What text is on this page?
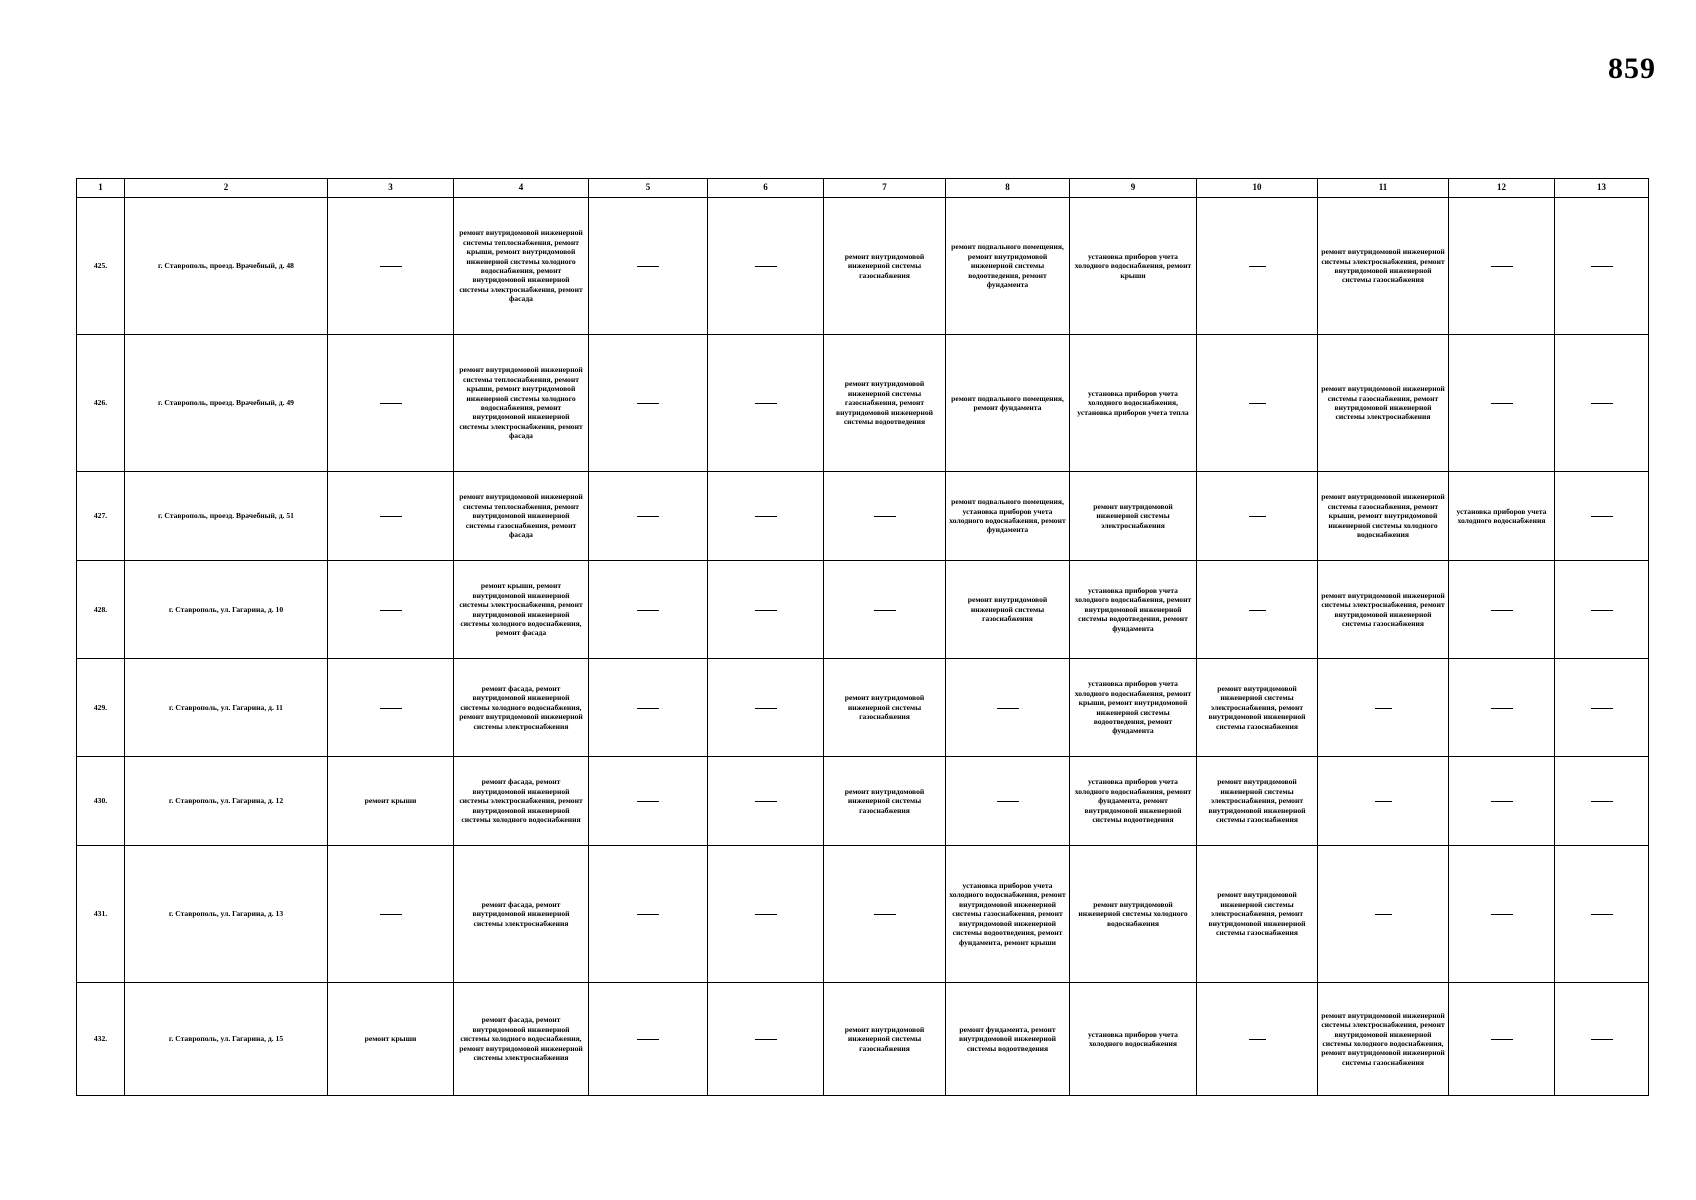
859
1	2	3	4	5	6	7	8	9	10	11	12	13
425.	г. Ставрополь, проезд. Врачебный, д. 48		ремонт внутридомовой инженерной системы теплоснабжения, ремонт крыши, ремонт внутридомовой инженерной системы холодного водоснабжения, ремонт внутридомовой инженерной системы электроснабжения, ремонт фасада			ремонт внутридомовой инженерной системы газоснабжения	ремонт подвального помещения, ремонт внутридомовой инженерной системы водоотведения, ремонт фундамента	установка приборов учета холодного водоснабжения, ремонт крыши		ремонт внутридомовой инженерной системы электроснабжения, ремонт внутридомовой инженерной системы газоснабжения		
426.	г. Ставрополь, проезд. Врачебный, д. 49		ремонт внутридомовой инженерной системы теплоснабжения, ремонт крыши, ремонт внутридомовой инженерной системы холодного водоснабжения, ремонт внутридомовой инженерной системы электроснабжения, ремонт фасада			ремонт внутридомовой инженерной системы газоснабжения, ремонт внутридомовой инженерной системы водоотведения	ремонт подвального помещения, ремонт фундамента	установка приборов учета холодного водоснабжения, установка приборов учета тепла		ремонт внутридомовой инженерной системы газоснабжения, ремонт внутридомовой инженерной системы электроснабжения		
427.	г. Ставрополь, проезд. Врачебный, д. 51		ремонт внутридомовой инженерной системы теплоснабжения, ремонт внутридомовой инженерной системы газоснабжения, ремонт фасада				ремонт подвального помещения, установка приборов учета холодного водоснабжения, ремонт фундамента	ремонт внутридомовой инженерной системы электроснабжения		ремонт внутридомовой инженерной системы газоснабжения, ремонт крыши, ремонт внутридомовой инженерной системы холодного водоснабжения	установка приборов учета холодного водоснабжения	
428.	г. Ставрополь, ул. Гагарина, д. 10		ремонт крыши, ремонт внутридомовой инженерной системы электроснабжения, ремонт внутридомовой инженерной системы холодного водоснабжения, ремонт фасада				ремонт внутридомовой инженерной системы газоснабжения	установка приборов учета холодного водоснабжения, ремонт внутридомовой инженерной системы водоотведения, ремонт фундамента		ремонт внутридомовой инженерной системы электроснабжения, ремонт внутридомовой инженерной системы газоснабжения		
429.	г. Ставрополь, ул. Гагарина, д. 11		ремонт фасада, ремонт внутридомовой инженерной системы холодного водоснабжения, ремонт внутридомовой инженерной системы электроснабжения			ремонт внутридомовой инженерной системы газоснабжения		установка приборов учета холодного водоснабжения, ремонт крыши, ремонт внутридомовой инженерной системы водоотведения, ремонт фундамента	ремонт внутридомовой инженерной системы электроснабжения, ремонт внутридомовой инженерной системы газоснабжения			
430.	г. Ставрополь, ул. Гагарина, д. 12	ремонт крыши	ремонт фасада, ремонт внутридомовой инженерной системы электроснабжения, ремонт внутридомовой инженерной системы холодного водоснабжения			ремонт внутридомовой инженерной системы газоснабжения		установка приборов учета холодного водоснабжения, ремонт фундамента, ремонт внутридомовой инженерной системы водоотведения	ремонт внутридомовой инженерной системы электроснабжения, ремонт внутридомовой инженерной системы газоснабжения			
431.	г. Ставрополь, ул. Гагарина, д. 13		ремонт фасада, ремонт внутридомовой инженерной системы электроснабжения				установка приборов учета холодного водоснабжения, ремонт внутридомовой инженерной системы газоснабжения, ремонт внутридомовой инженерной системы водоотведения, ремонт фундамента, ремонт крыши	ремонт внутридомовой инженерной системы холодного водоснабжения	ремонт внутридомовой инженерной системы электроснабжения, ремонт внутридомовой инженерной системы газоснабжения			
432.	г. Ставрополь, ул. Гагарина, д. 15	ремонт крыши	ремонт фасада, ремонт внутридомовой инженерной системы холодного водоснабжения, ремонт внутридомовой инженерной системы электроснабжения			ремонт внутридомовой инженерной системы газоснабжения	ремонт фундамента, ремонт внутридомовой инженерной системы водоотведения	установка приборов учета холодного водоснабжения		ремонт внутридомовой инженерной системы электроснабжения, ремонт внутридомовой инженерной системы холодного водоснабжения, ремонт внутридомовой инженерной системы газоснабжения		
